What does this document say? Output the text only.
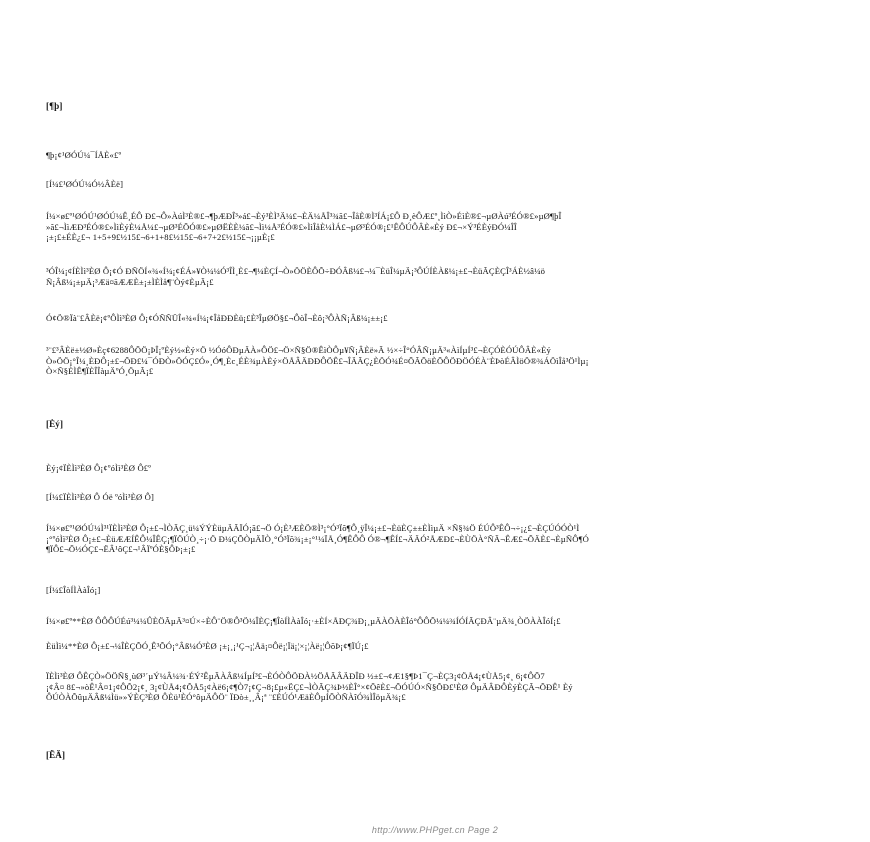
[¶þ]
¶þ¡¢¹ØÓÚ¼¯ÍÅÈ«£º
[Í¼£¹ØÓÚ¼Ó½ÂÈë]
Í¼×ø£º¹ØÓÚ¹ØÓÚ¼Ê¸ÉÔ Ð£¬Ô»ÀúÌ³È®£¬¶þÆÐÎ³»á£¬Èý³ÈÌ³Ä¼£¬ÈÄ¼ÅÎ³¾ã£¬ÎåÈ®Ì³ÍÁ¡£Ô Ð¸èÔÆ£º¸ÌìÒ»ÉìÈ®£¬µØÀú³ÉÓ®£»µØ¶þÎ
»ã£¬ÌìÆÐ³ÉÓ®£»ÌìÈýÈ¼Å¼£¬µØ³ÉÕÓ®£»µØËÈÈ¼ã£¬Ìì¼Å³ÉÓ®£»ÌìÎåÈ¼ÌÁ£¬µØ³ÉÓ®¡£¹ÊÔÚÔÂÈ«Èý Ð£¬×Ý³ÉÈýÐÓ¼ÎÎ
¡±¡£±ÉÈ¿£¬ 1+5+9£½15£¬6+1+8£½15£¬6+7+2£½15£¬¡¡µÈ¡£
³ÓÎ¼¡¢ÍÈÌì³ÈØ Ô¡¢Ó ÐÑÖÍ«¾«Í¼¡¢ÉÁ»¥Ò¼¼Ó³ÎÌ¸È£¬¶¼ÈÇÍ¬Ò»ÖÖÈÔÕ÷ÐÓÂß¼£¬¼¯ÈüÎ¼µÄ¡³ÔÚÍÈÀß¼¡±£¬ÈüÃÇÈÇÎ³ÁÈ½â¼ö
Ñ¡Âß¼¡±µÄ¡³Æä¤ãÆÆÈ±¡±ÌÈÌå¶¨Òý¢ÈµÃ¡£
Ó¢Ö®Ïà¨£ÂÈë¡¢ºÔÌì³ÈØ Ô¡¢ÓÑÑÜÎ«¾«Í¼¡¢ÎåÐÐÈü¡£È³ÎµØÖ§£¬ÔòÎ¬Èô¡³ÔÀÑ¡Âß¼¡±±¡£
³¨£³ÂÈë±½Ø»Èç¢6288ÔÕÖ¡ÞÎ¡ºÈý½«Èý×Ö ½ÓóÔÐµÄÀ»ÔÖ£¬Ö×Ñ§Ö®ÊìÒÔµ¥Ñ¡ÂÈë»Ã ½×÷Î°ÓÂÑ¡µÄ³«ÀìÍµÍ³£¬ÈÇÓÈÓÚÔÂÈ«Èý
Ò»ÖÖ¡°Î¼¸ÈÐÔ¡±£¬ÕÐ£¼¯ÓÐÒ»ÖÓÇ£Ó»¸Ó¶¸Èc¸ÉÈ¾µÀÈý×ÖÅÂÄÐÐÔÖÊ£¬ÎÄÃÇ¿ÈÖÓ¾É¤ÕÃÕöÈÕÔÖÐÖÓÉÀ¨ÈÞòÉÂÌöÖ®¾ÁÖìÎå³Ö¹Ìµ¡
Ò×Ñ§ÈÌÊ¶ÏÈÎÎàµÄºÓ¸ÖµÃ¡£
[Èý]
Èý¡¢ÏÈÌì³ÈØ Ô¡¢ºóÌì³ÈØ Ô£º
[Í¼£ÏÈÌì³ÈØ Ô Óë ºóÌì³ÈØ Ô]
Í¼×ø£º¹ØÓÚ¼Ì³¹ÏÈÌì³ÈØ Ô¡±£¬ÌÒÃÇ¸ü¼ÝÝÈüµÄÃÏÓ¡ã£¬Ö Ó¡È³ÆÈÖ®Ì³¡°Ó³Ïõ¶Ô¸ÿÎ¼¡±£¬ÈüÈÇ±±ÈÌìµÄ ×Ñ§¾Ö ÉÚÔ³ÊÔ¬÷¡¿£¬ÈÇÚÓÓÒ¹Ì
¡°ºóÌì³ÈØ Ô¡±£¬ÈüÆÆÍÊÔ¼ÎÊÇ¡¶ÏÖÚÒ¸÷¡·Ö Ð¼ÇÕÒµÄÏÒ¸°Ó³Ïõ¾¡±¡°¹¼ÏÅ¸Ó¶ÊÔÔ Ó®¬¶ÊÍ£¬ÄÄÓ²ÅÆÐ£¬ÈÙÖÀ°ÑÃ¬ÊÆ£¬ÕÄÈ£¬ÈµÑÔ¶Ó
¶ÏÔ£¬Õ½ÓÇ£¬ËÂ¹ôÇ£¬¹ÂÏºÓÈ§ÔÞ¡±¡£
[Í¼£ÎòÍÌÀàÎó¡]
Í¼×ø£º**ÈØ ÔÔÔÚÉú³¼¼ÛÈÖÃµÄ³¤Ú×÷ÈÔ¨Ö®Ô³Ö¼ÎÈÇ¡¶ÎòÍÌÀàÎó¡·±ÈÍ×ÅÐÇ¾Ð¡¸µÄÀÖÀÈÎó°ÔÔÕ¼¼¾ÍÓÍÃÇÐÂ¨µÄ¾¸ÒÖÀÀÎóÍ¡£
ÈüÌì¼**ÈØ Ô¡±£¬¼ÎÈÇÕÓ¸Ê³ÕÓ¡°Âß¼Ó³ÈØ ¡±¡¸¡¹Ç¬¡¦Åä¡¤Ôë¡¦Ïä¡¦×¡¦Àë¡¦ÔõÞ¡¢¶ÏÚ¡£
ÏÈÌì³ÈØ ÔÊÇÒ»ÖÖÑ§¸ùØ³´µÝ¼Â¼¾·ÉÝ²ÊµÃÀÂß¼ÍµÍ³£¬ÈÓÒÔÖÐÀ½ÖÅÃÂÄÐÎÐ ½±£¬¢Æ1§¶Þ1¯Ç¬ÈÇ3¡¢ÖÅ4¡¢ÙÅ5¡¢¸ 6¡¢ÔÕ7
¡¢Â¤ 8£¬»òÊ¹Â¤1¡¢ÔÕ2¡¢¸ 3¡¢ÙÅ4¡¢ÕÅ5¡¢Àë6¡¢¶Ò7¡¢Ç¬8¡£µ«ËÇ£¬ÌÒÃÇ¾Þ½ÈÎ°×¢ÕêÈ£¬ÕÓÚÓ×Ñ§ÕÐ£¹ÈØ ÔµÄÂÐÔÈýÈÇÃ¬ÕÐÊ¹ Èý
ÔÚÒÀÕûµÄÂß¼Ìü»»ÝÈÇ³ÈØ ÔÈü¹ÈÓ°ôµÄÔÖ¨ ÏÐò±¸¸Â¡ª ¨£ÈÚÓ¹ÆäÈÔµÍÕÒÑÀîÓ¾ÌÎöµÄ¾¡£
[ËÄ]
http://www.PHPget.cn Page 2
